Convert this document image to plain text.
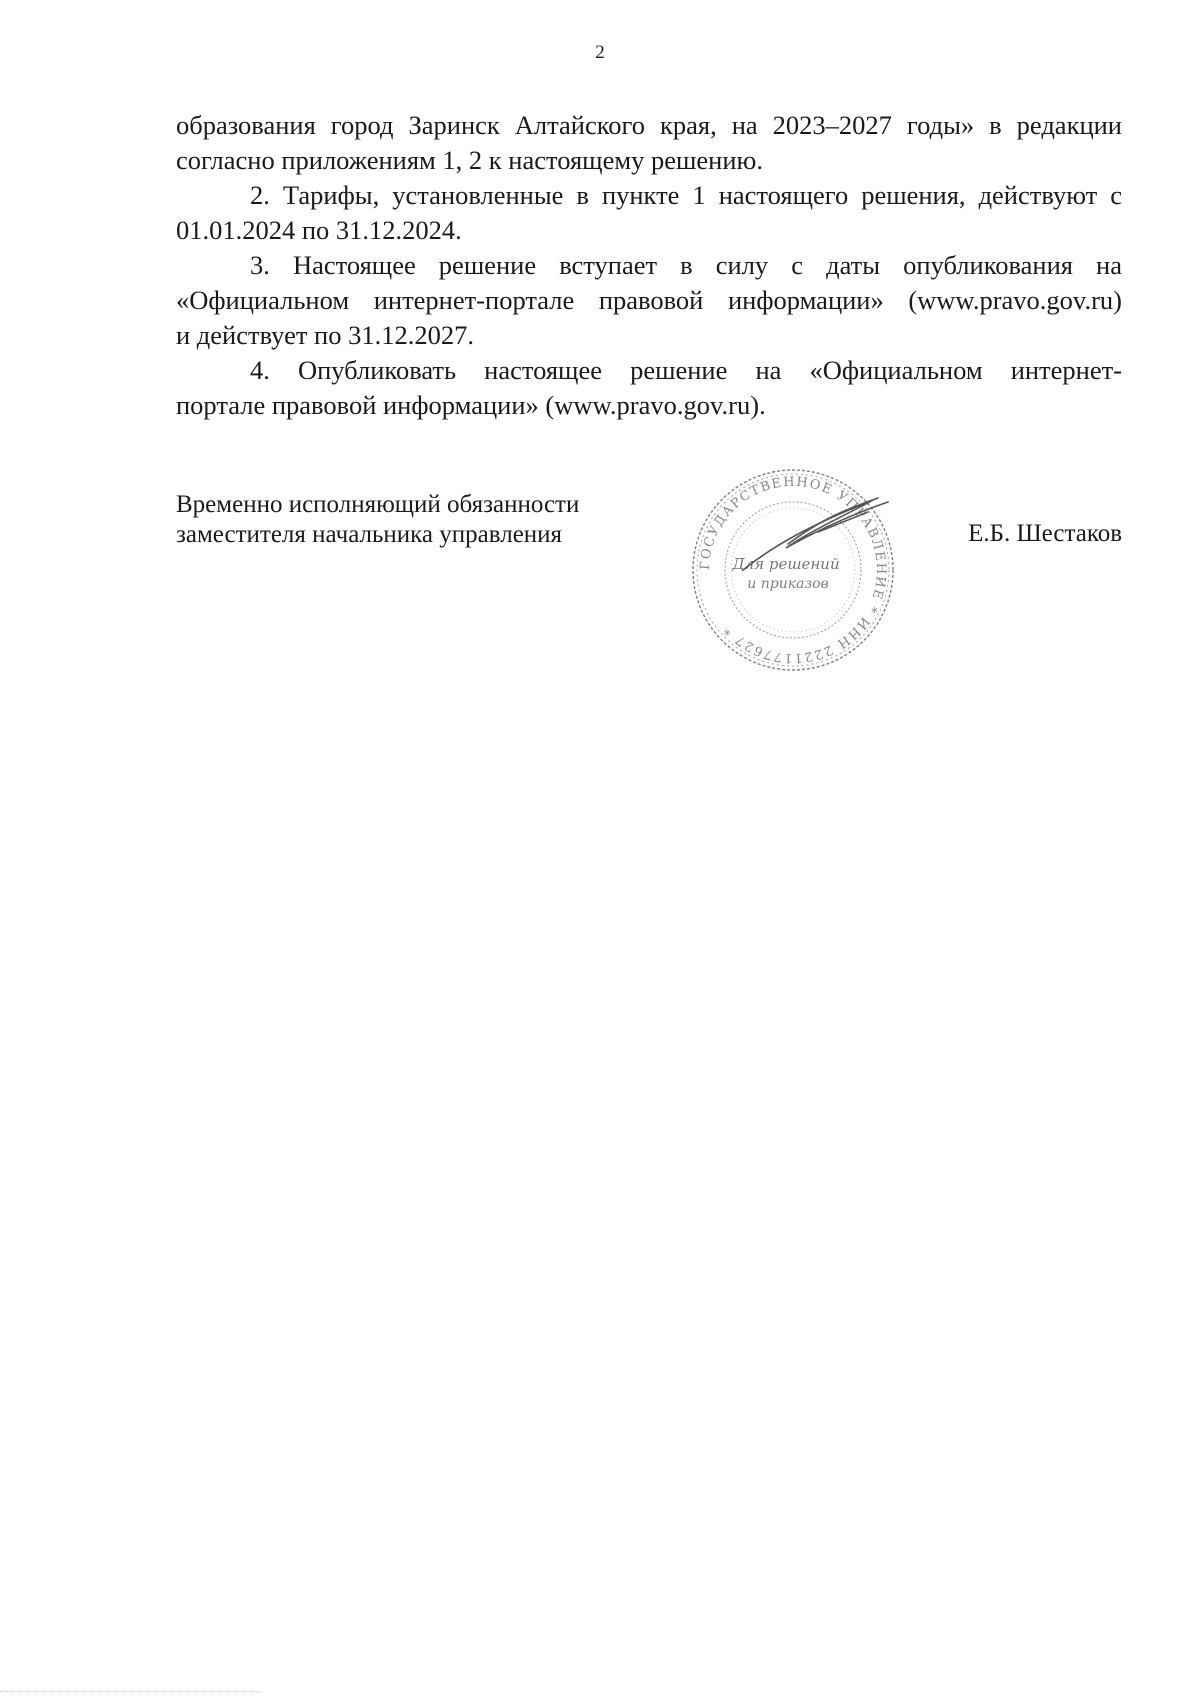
2

образования город Заринск Алтайского края, на 2023–2027 годы» в редакции

согласно приложениям 1, 2 к настоящему решению.

2. Тарифы, установленные в пункте 1 настоящего решения, действуют с

01.01.2024 по 31.12.2024.

3. Настоящее решение вступает в силу с даты опубликования на

«Официальном интернет-портале правовой информации» (www.pravo.gov.ru)

и действует по 31.12.2027.

4. Опубликовать настоящее решение на «Официальном интернет-

портале правовой информации» (www.pravo.gov.ru).

Временно исполняющий обязанности
заместителя начальника управления	Е.Б. Шестаков
ГОСУДАРСТВЕННОЕ УПРАВЛЕНИЕ * ИНН 2221177627 *
Для решений
и приказов
